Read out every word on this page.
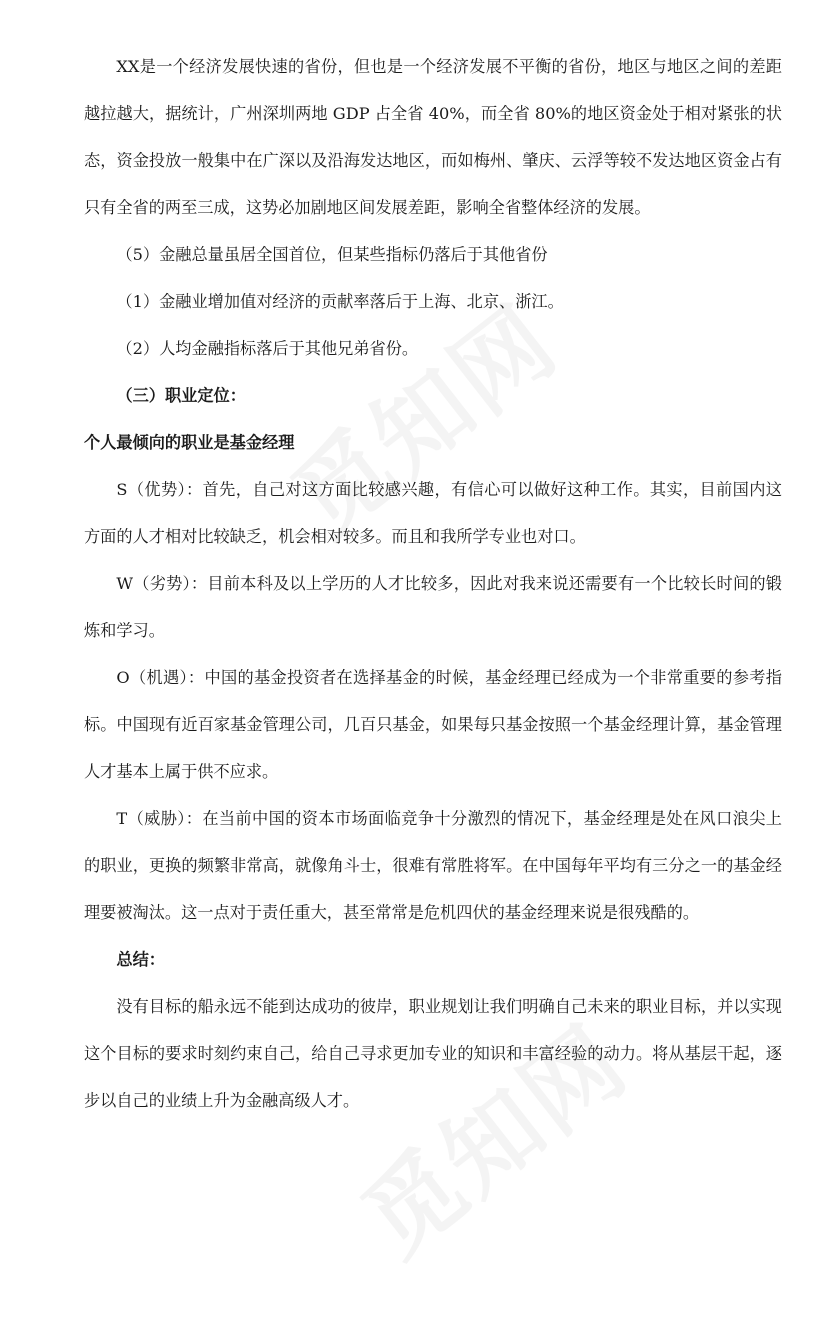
XX是一个经济发展快速的省份，但也是一个经济发展不平衡的省份，地区与地区之间的差距越拉越大，据统计，广州深圳两地 GDP 占全省 40%，而全省 80%的地区资金处于相对紧张的状态，资金投放一般集中在广深以及沿海发达地区，而如梅州、肇庆、云浮等较不发达地区资金占有只有全省的两至三成，这势必加剧地区间发展差距，影响全省整体经济的发展。

（5）金融总量虽居全国首位，但某些指标仍落后于其他省份

（1）金融业增加值对经济的贡献率落后于上海、北京、浙江。

（2）人均金融指标落后于其他兄弟省份。

（三）职业定位：

个人最倾向的职业是基金经理

S（优势）：首先，自己对这方面比较感兴趣，有信心可以做好这种工作。其实，目前国内这方面的人才相对比较缺乏，机会相对较多。而且和我所学专业也对口。

W（劣势）：目前本科及以上学历的人才比较多，因此对我来说还需要有一个比较长时间的锻炼和学习。

O（机遇）：中国的基金投资者在选择基金的时候，基金经理已经成为一个非常重要的参考指标。中国现有近百家基金管理公司，几百只基金，如果每只基金按照一个基金经理计算，基金管理人才基本上属于供不应求。

T（威胁）：在当前中国的资本市场面临竞争十分激烈的情况下，基金经理是处在风口浪尖上的职业，更换的频繁非常高，就像角斗士，很难有常胜将军。在中国每年平均有三分之一的基金经理要被淘汰。这一点对于责任重大，甚至常常是危机四伏的基金经理来说是很残酷的。

总结：

没有目标的船永远不能到达成功的彼岸，职业规划让我们明确自己未来的职业目标，并以实现这个目标的要求时刻约束自己，给自己寻求更加专业的知识和丰富经验的动力。将从基层干起，逐步以自己的业绩上升为金融高级人才。
